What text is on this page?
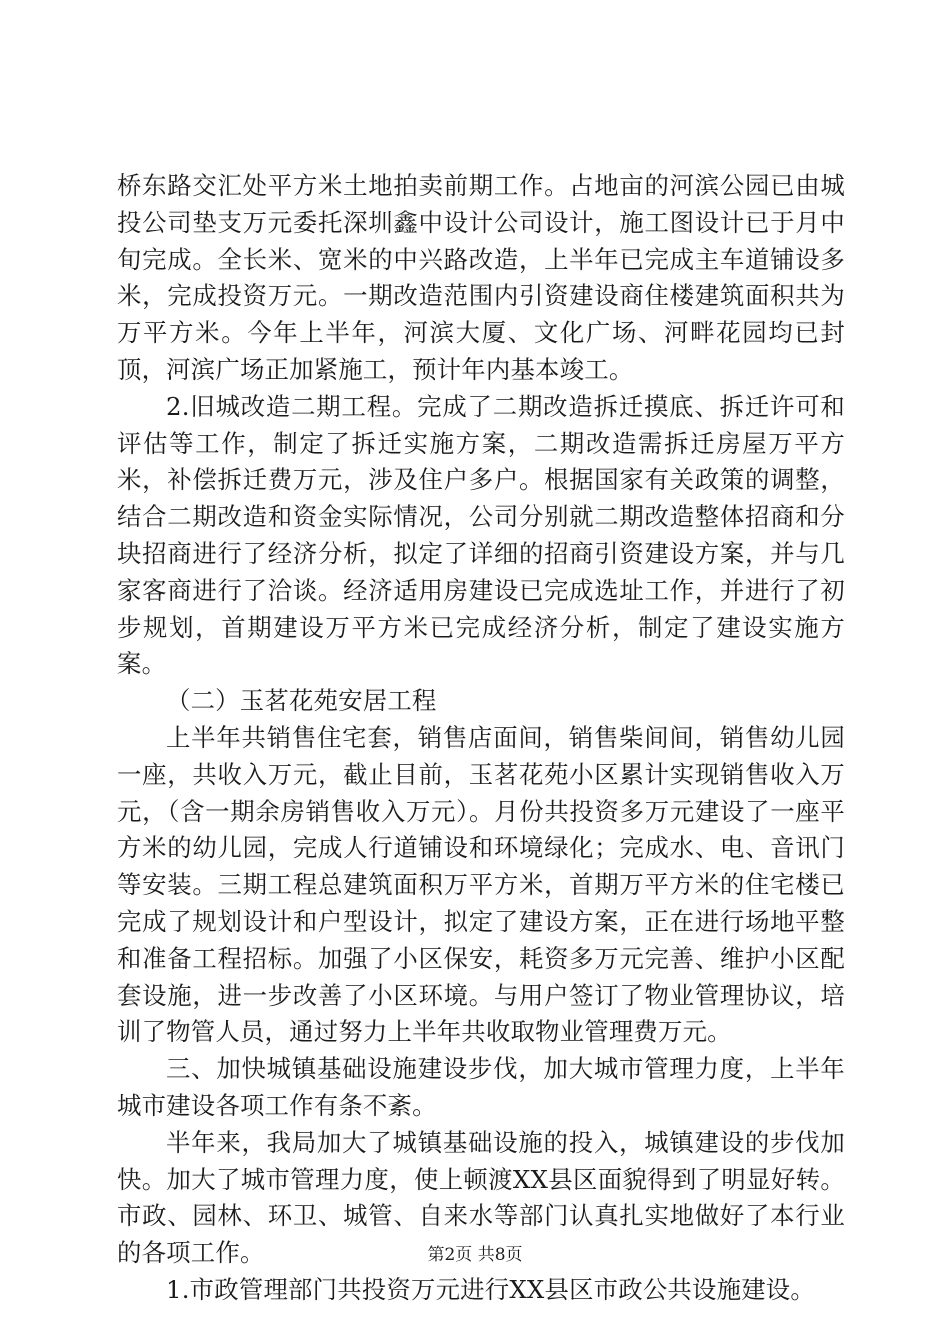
桥东路交汇处平方米土地拍卖前期工作。占地亩的河滨公园已由城投公司垫支万元委托深圳鑫中设计公司设计，施工图设计已于月中旬完成。全长米、宽米的中兴路改造，上半年已完成主车道铺设多米，完成投资万元。一期改造范围内引资建设商住楼建筑面积共为万平方米。今年上半年，河滨大厦、文化广场、河畔花园均已封顶，河滨广场正加紧施工，预计年内基本竣工。

2.旧城改造二期工程。完成了二期改造拆迁摸底、拆迁许可和评估等工作，制定了拆迁实施方案，二期改造需拆迁房屋万平方米，补偿拆迁费万元，涉及住户多户。根据国家有关政策的调整，结合二期改造和资金实际情况，公司分别就二期改造整体招商和分块招商进行了经济分析，拟定了详细的招商引资建设方案，并与几家客商进行了洽谈。经济适用房建设已完成选址工作，并进行了初步规划，首期建设万平方米已完成经济分析，制定了建设实施方案。

（二）玉茗花苑安居工程

上半年共销售住宅套，销售店面间，销售柴间间，销售幼儿园一座，共收入万元，截止目前，玉茗花苑小区累计实现销售收入万元，（含一期余房销售收入万元）。月份共投资多万元建设了一座平方米的幼儿园，完成人行道铺设和环境绿化；完成水、电、音讯门等安装。三期工程总建筑面积万平方米，首期万平方米的住宅楼已完成了规划设计和户型设计，拟定了建设方案，正在进行场地平整和准备工程招标。加强了小区保安，耗资多万元完善、维护小区配套设施，进一步改善了小区环境。与用户签订了物业管理协议，培训了物管人员，通过努力上半年共收取物业管理费万元。

三、加快城镇基础设施建设步伐，加大城市管理力度，上半年城市建设各项工作有条不紊。

半年来，我局加大了城镇基础设施的投入，城镇建设的步伐加快。加大了城市管理力度，使上顿渡XX县区面貌得到了明显好转。市政、园林、环卫、城管、自来水等部门认真扎实地做好了本行业的各项工作。

1.市政管理部门共投资万元进行XX县区市政公共设施建设。

第2页 共8页
